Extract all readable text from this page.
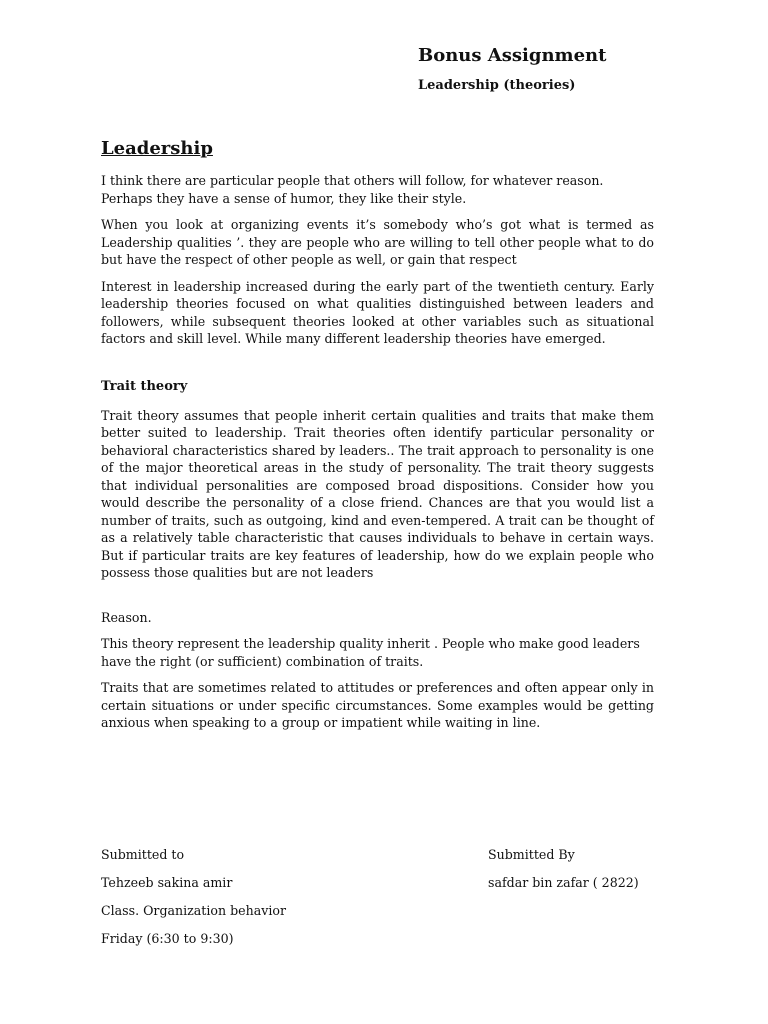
Bonus Assignment
Leadership (theories)
Leadership

I think there are particular people that others will follow, for whatever reason. Perhaps they have a sense of humor, they like their style.

When you look at organizing events it’s somebody who’s got what is termed as Leadership qualities ’. they are people who are willing to tell other people what to do but have the respect of other people as well, or gain that respect

Interest in leadership increased during the early part of the twentieth century. Early leadership theories focused on what qualities distinguished between leaders and followers, while subsequent theories looked at other variables such as situational factors and skill level. While many different leadership theories have emerged.

Trait theory

Trait theory assumes that people inherit certain qualities and traits that make them better suited to leadership. Trait theories often identify particular personality or behavioral characteristics shared by leaders.. The trait approach to personality is one of the major theoretical areas in the study of personality. The trait theory suggests that individual personalities are composed broad dispositions. Consider how you would describe the personality of a close friend. Chances are that you would list a number of traits, such as outgoing, kind and even-tempered. A trait can be thought of as a relatively table characteristic that causes individuals to behave in certain ways. But if particular traits are key features of leadership, how do we explain people who possess those qualities but are not leaders

Reason.

This theory represent the leadership quality inherit . People who make good leaders have the right (or sufficient) combination of traits.

Traits that are sometimes related to attitudes or preferences and often appear only in certain situations or under specific circumstances. Some examples would be getting anxious when speaking to a group or impatient while waiting in line.

Submitted to
Tehzeeb sakina amir
Class. Organization behavior
Friday (6:30 to 9:30)
Submitted By
safdar bin zafar ( 2822)
